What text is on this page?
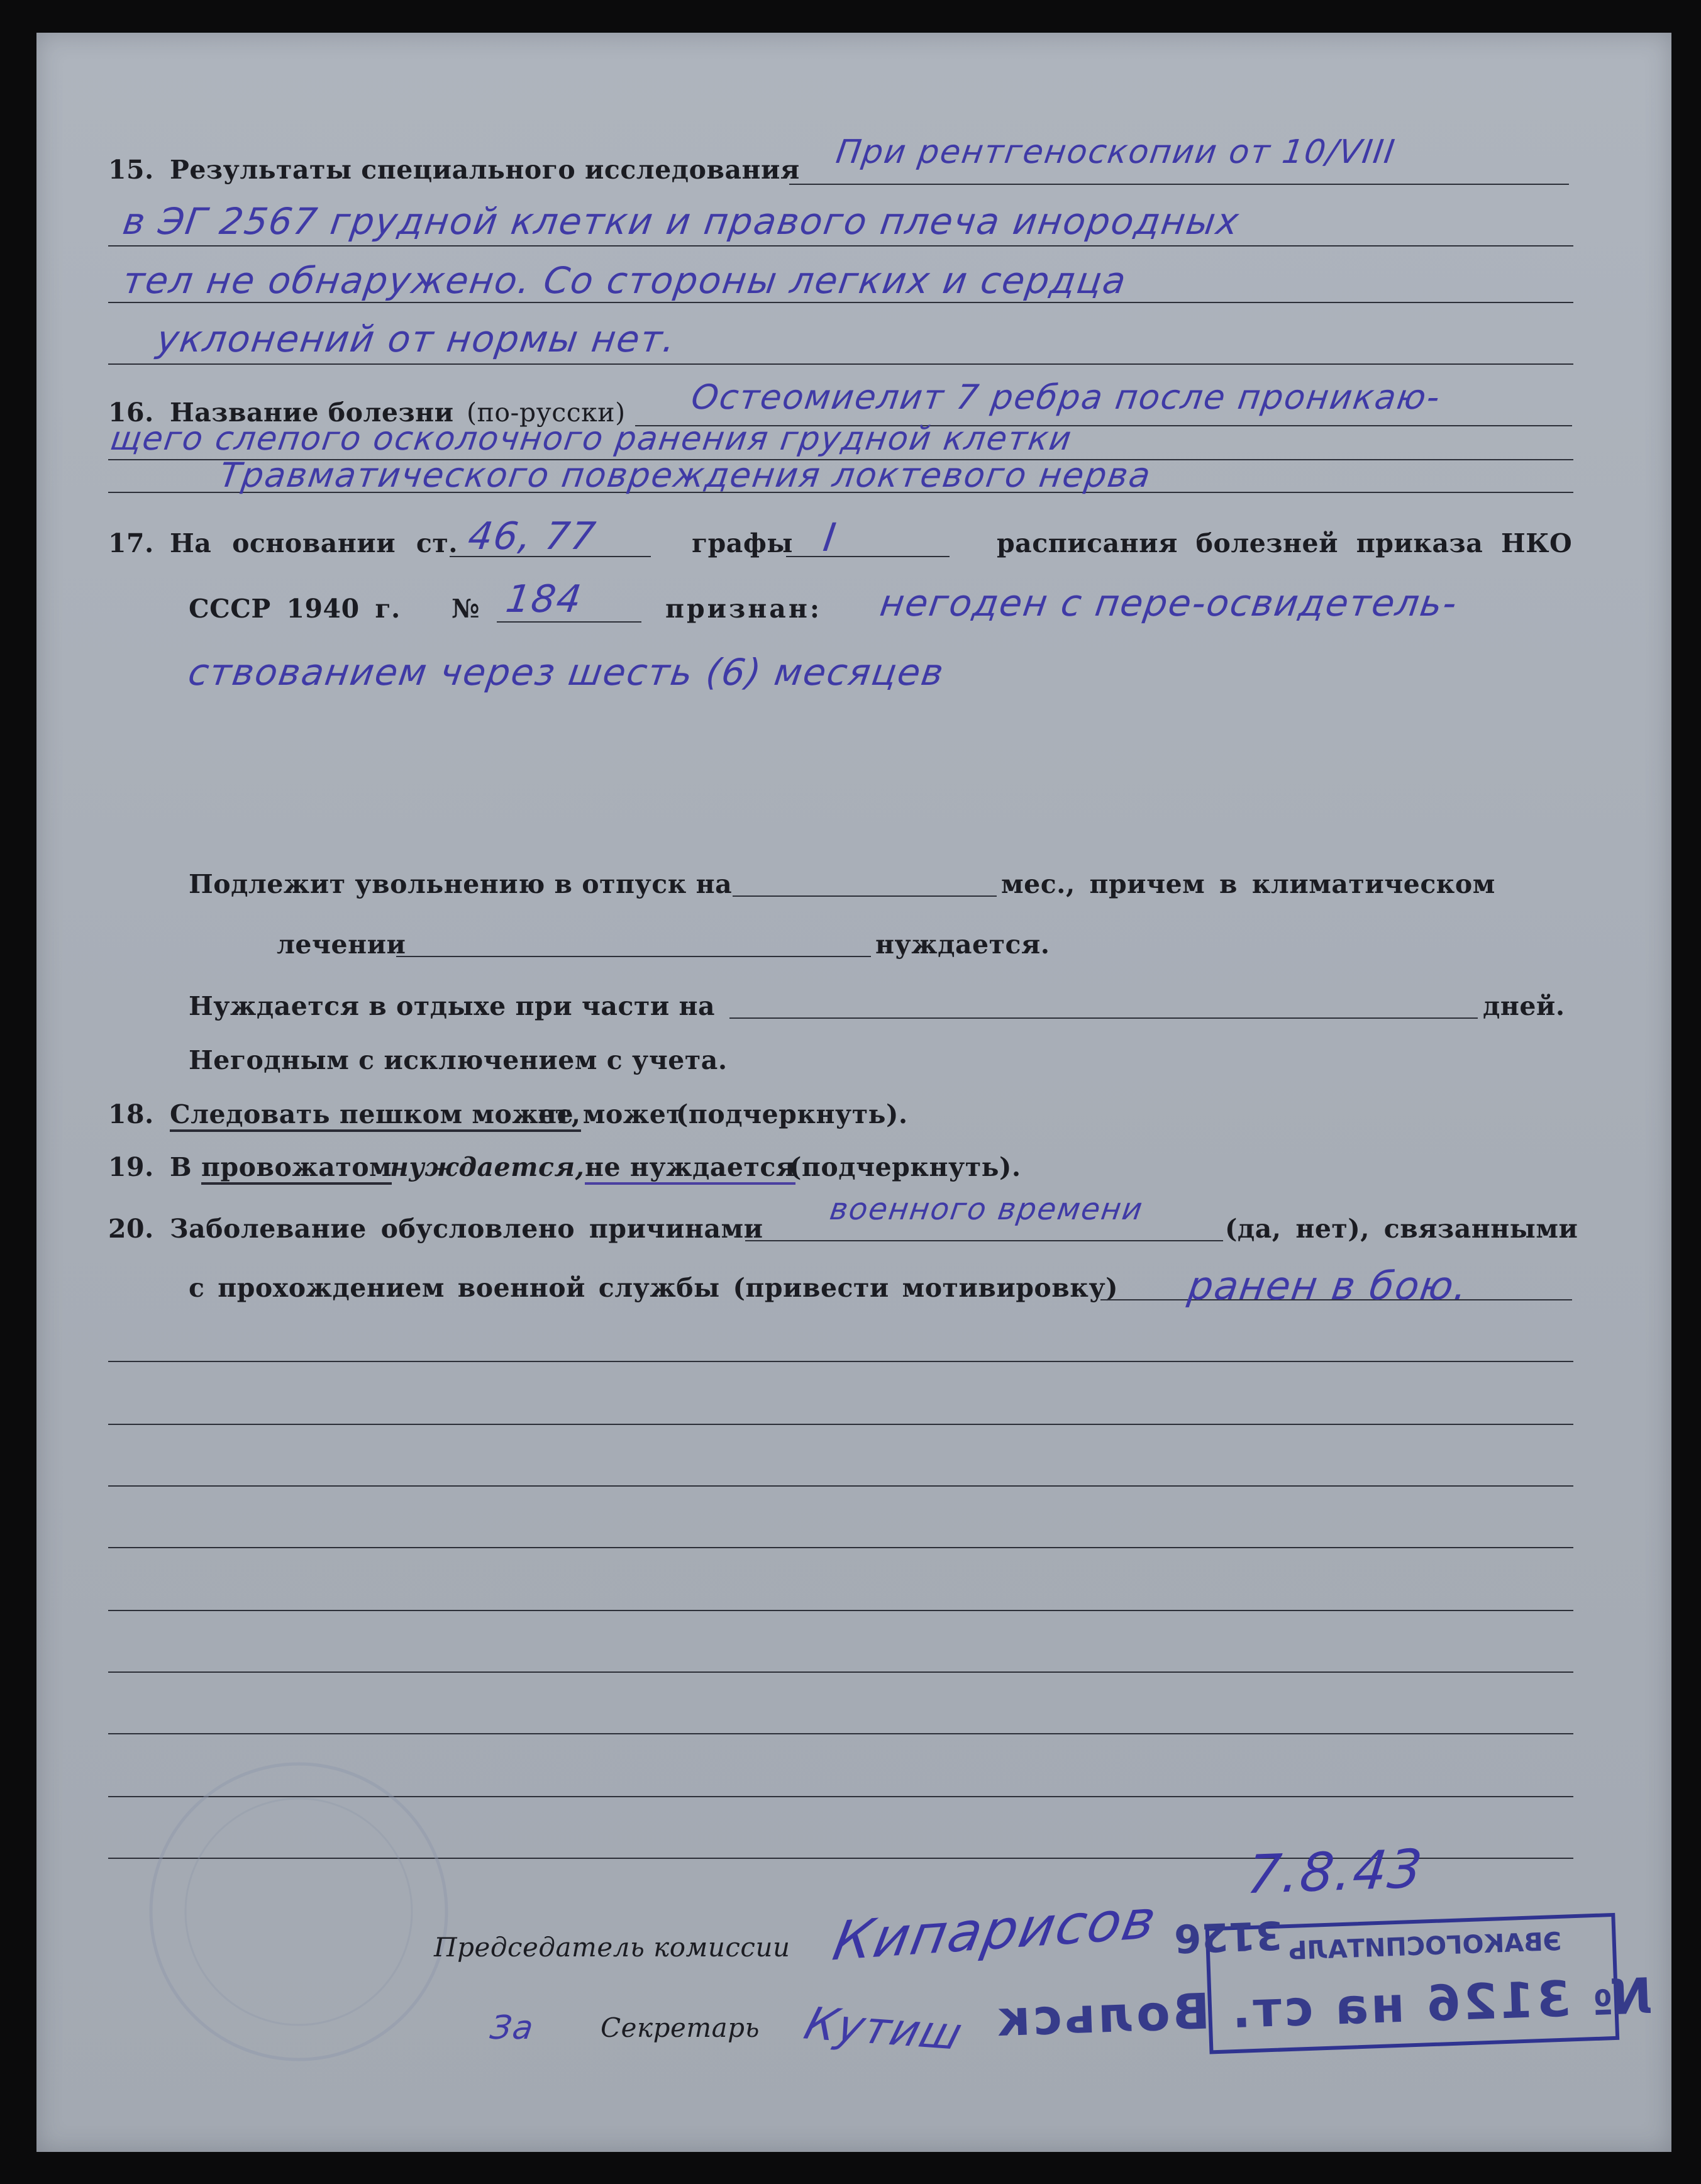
15. Результаты специального исследования При рентгеноскопии от 10/VIII
в ЭГ 2567 грудной клетки и правого плеча инородных
тел не обнаружено. Со стороны легких и сердца
уклонений от нормы нет.
16. Название болезни (по-русски) Остеомиелит 7 ребра после проникаю-
щего слепого осколочного ранения грудной клетки
Травматического повреждения локтевого нерва
17. На основании ст. 46, 77	графы I	расписания болезней приказа НКО
СССР 1940 г. № 184	признан: негоден с пере-освидетель-
ствованием через шесть (6) месяцев
Подлежит увольнению в отпуск на	мес., причем в климатическом
лечении	нуждается.
Нуждается в отдыхе при части на	дней.
Негодным с исключением с учета.
18. Следовать пешком может,
не может
(подчеркнуть).
19. В провожатом
нуждается, не нуждается
(подчеркнуть).
20. Заболевание обусловлено причинами
военного времени
(да, нет), связанными
с прохождением военной службы (привести мотивировку) ранен в бою.
Председатель комиссии Кипарисов
За Секретарь Кутиш
ЭВАКОГОСПИТАЛЬ
№ 3126 на ст. Вольск
3126
7.8.43
